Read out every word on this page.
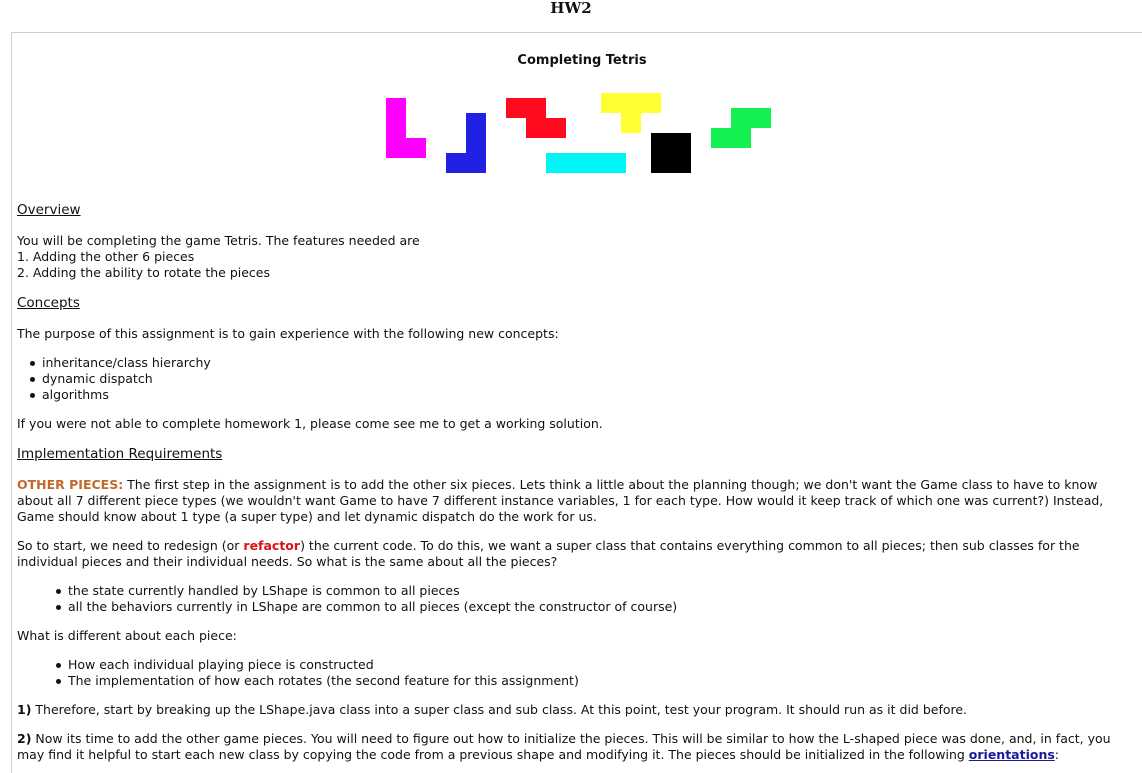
HW2
Completing Tetris
Overview
You will be completing the game Tetris. The features needed are
1. Adding the other 6 pieces
2. Adding the ability to rotate the pieces
Concepts

The purpose of this assignment is to gain experience with the following new concepts:

inheritance/class hierarchy
dynamic dispatch
algorithms

If you were not able to complete homework 1, please come see me to get a working solution.

Implementation Requirements

OTHER PIECES: The first step in the assignment is to add the other six pieces. Lets think a little about the planning though; we don't want the Game class to have to know about all 7 different piece types (we wouldn't want Game to have 7 different instance variables, 1 for each type. How would it keep track of which one was current?) Instead, Game should know about 1 type (a super type) and let dynamic dispatch do the work for us.

So to start, we need to redesign (or refactor) the current code. To do this, we want a super class that contains everything common to all pieces; then sub classes for the individual pieces and their individual needs. So what is the same about all the pieces?

the state currently handled by LShape is common to all pieces
all the behaviors currently in LShape are common to all pieces (except the constructor of course)

What is different about each piece:

How each individual playing piece is constructed
The implementation of how each rotates (the second feature for this assignment)

1) Therefore, start by breaking up the LShape.java class into a super class and sub class. At this point, test your program. It should run as it did before.

2) Now its time to add the other game pieces. You will need to figure out how to initialize the pieces. This will be similar to how the L-shaped piece was done, and, in fact, you may find it helpful to start each new class by copying the code from a previous shape and modifying it. The pieces should be initialized in the following orientations:
